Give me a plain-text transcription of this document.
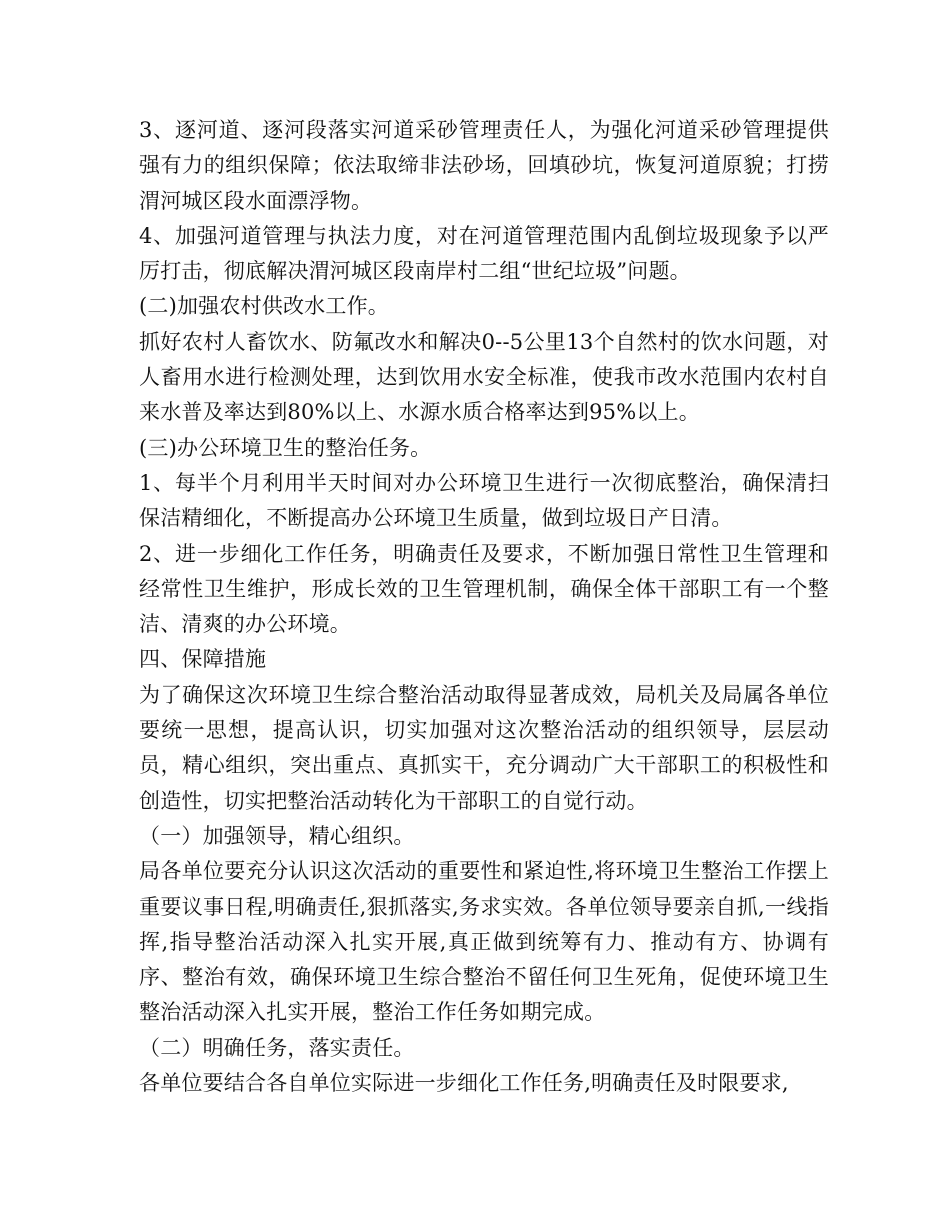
3、逐河道、逐河段落实河道采砂管理责任人，为强化河道采砂管理提供强有力的组织保障；依法取缔非法砂场，回填砂坑，恢复河道原貌；打捞渭河城区段水面漂浮物。

4、加强河道管理与执法力度，对在河道管理范围内乱倒垃圾现象予以严厉打击，彻底解决渭河城区段南岸村二组“世纪垃圾”问题。

(二)加强农村供改水工作。

抓好农村人畜饮水、防氟改水和解决0--5公里13个自然村的饮水问题，对人畜用水进行检测处理，达到饮用水安全标准，使我市改水范围内农村自来水普及率达到80%以上、水源水质合格率达到95%以上。

(三)办公环境卫生的整治任务。

1、每半个月利用半天时间对办公环境卫生进行一次彻底整治，确保清扫保洁精细化，不断提高办公环境卫生质量，做到垃圾日产日清。

2、进一步细化工作任务，明确责任及要求，不断加强日常性卫生管理和经常性卫生维护，形成长效的卫生管理机制，确保全体干部职工有一个整洁、清爽的办公环境。

四、保障措施

为了确保这次环境卫生综合整治活动取得显著成效，局机关及局属各单位要统一思想，提高认识，切实加强对这次整治活动的组织领导，层层动员，精心组织，突出重点、真抓实干，充分调动广大干部职工的积极性和创造性，切实把整治活动转化为干部职工的自觉行动。

（一）加强领导，精心组织。

局各单位要充分认识这次活动的重要性和紧迫性,将环境卫生整治工作摆上重要议事日程,明确责任,狠抓落实,务求实效。各单位领导要亲自抓,一线指挥,指导整治活动深入扎实开展,真正做到统筹有力、推动有方、协调有序、整治有效，确保环境卫生综合整治不留任何卫生死角，促使环境卫生整治活动深入扎实开展，整治工作任务如期完成。

（二）明确任务，落实责任。

各单位要结合各自单位实际进一步细化工作任务,明确责任及时限要求,
